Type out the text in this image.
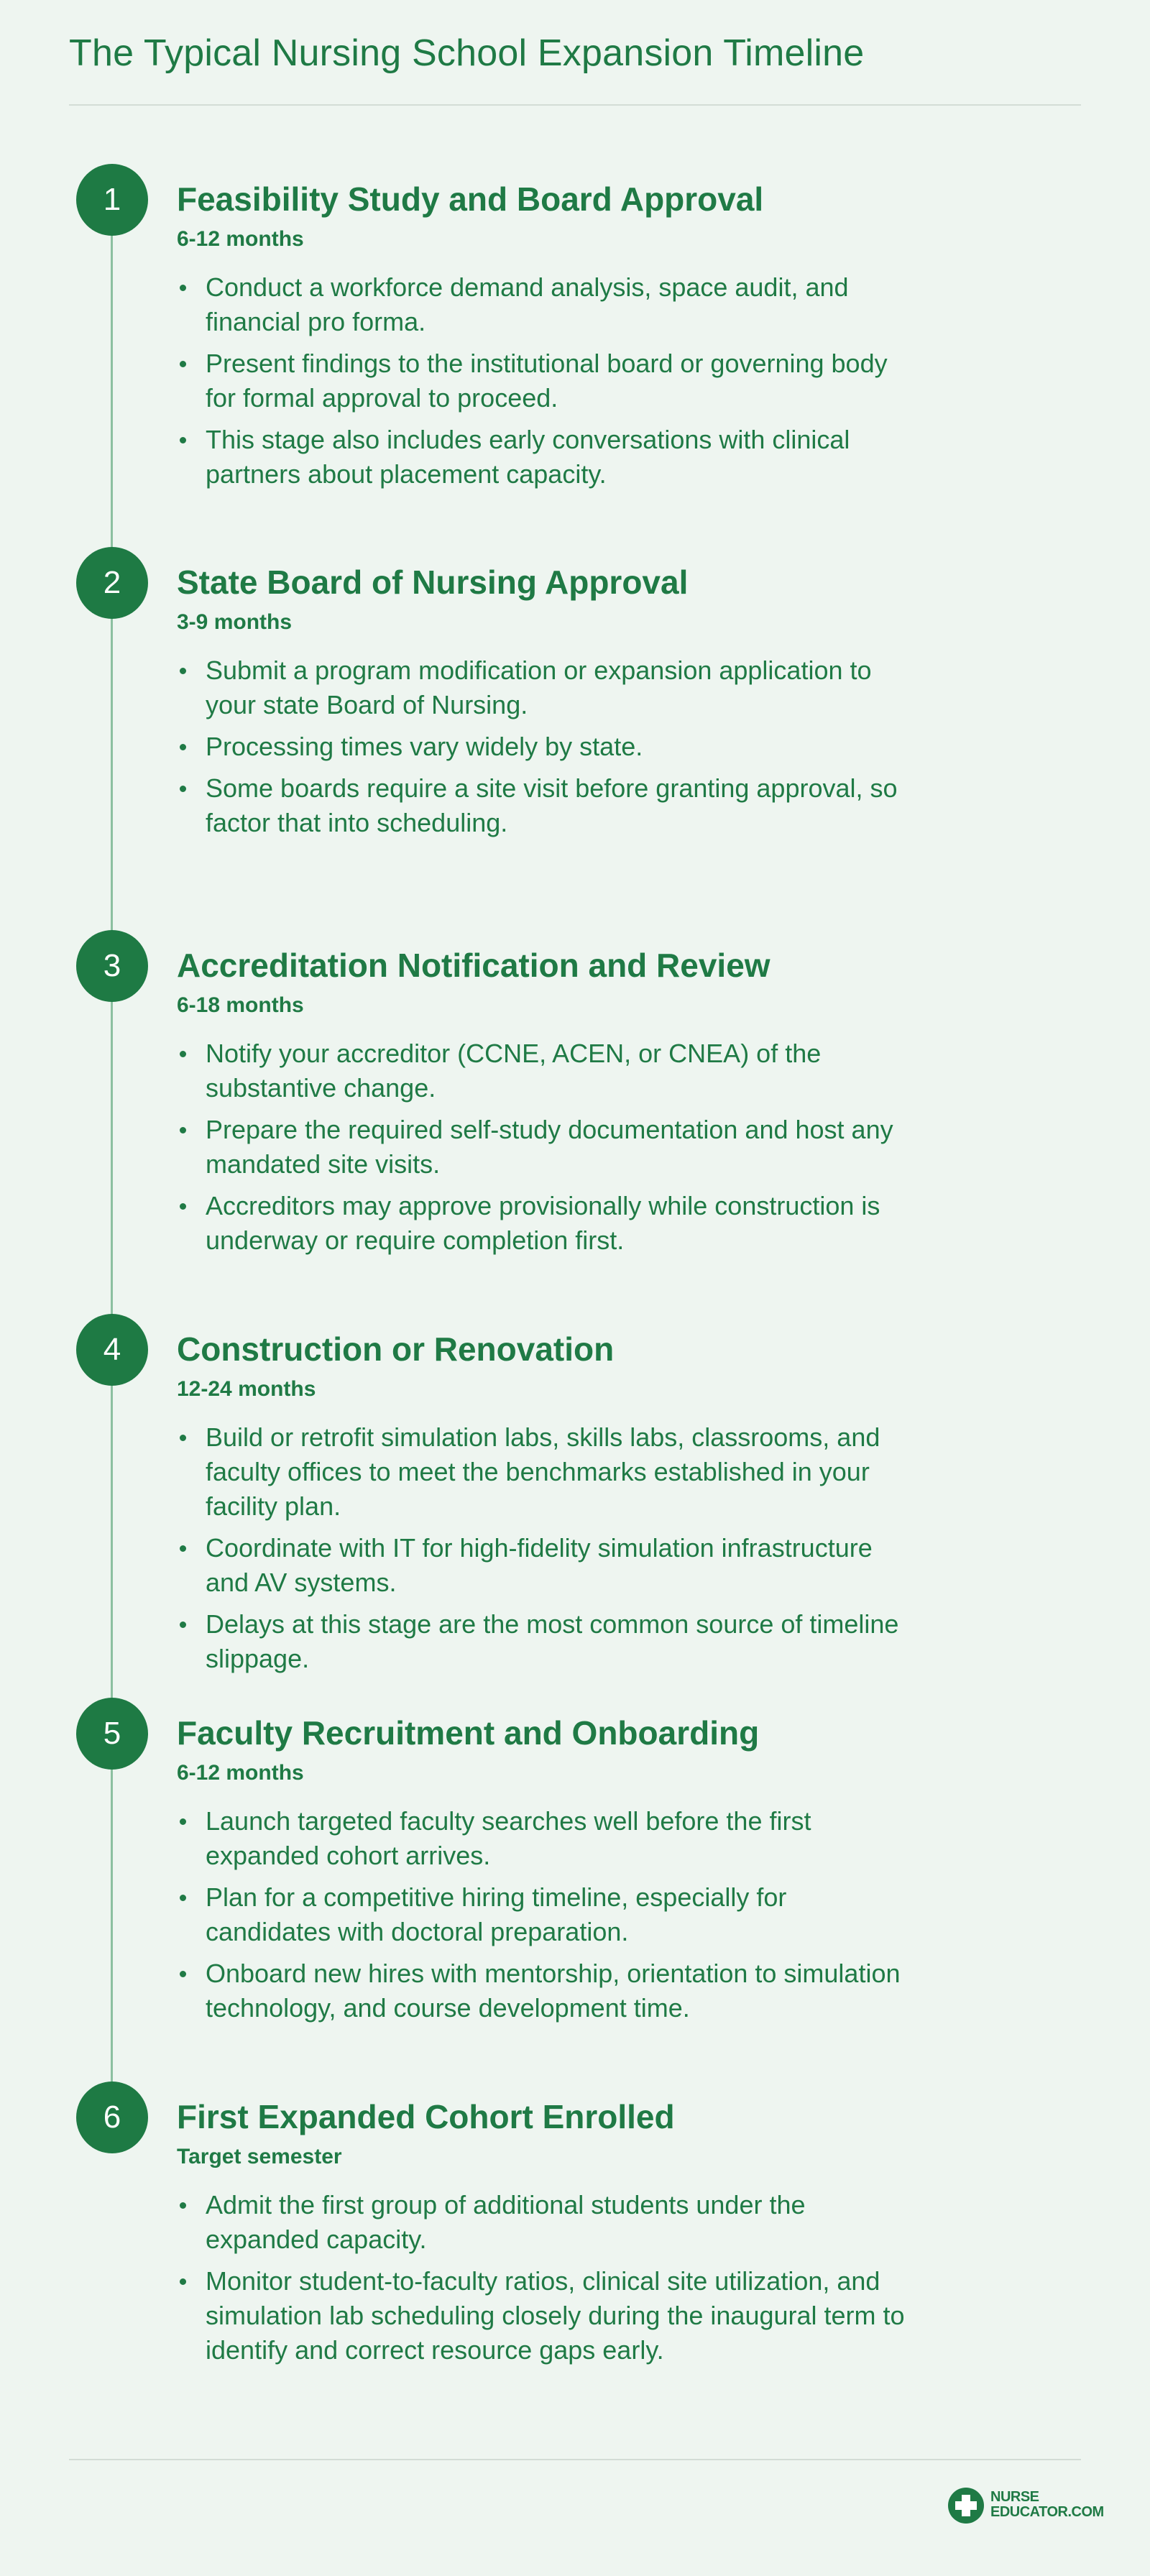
The Typical Nursing School Expansion Timeline
1	Feasibility Study and Board Approval
6-12 months
Conduct a workforce demand analysis, space audit, and financial pro forma.
Present findings to the institutional board or governing body for formal approval to proceed.
This stage also includes early conversations with clinical partners about placement capacity.
2	State Board of Nursing Approval
3-9 months
Submit a program modification or expansion application to your state Board of Nursing.
Processing times vary widely by state.
Some boards require a site visit before granting approval, so factor that into scheduling.
3	Accreditation Notification and Review
6-18 months
Notify your accreditor (CCNE, ACEN, or CNEA) of the substantive change.
Prepare the required self-study documentation and host any mandated site visits.
Accreditors may approve provisionally while construction is underway or require completion first.
4	Construction or Renovation
12-24 months
Build or retrofit simulation labs, skills labs, classrooms, and faculty offices to meet the benchmarks established in your facility plan.
Coordinate with IT for high-fidelity simulation infrastructure and AV systems.
Delays at this stage are the most common source of timeline slippage.
5	Faculty Recruitment and Onboarding
6-12 months
Launch targeted faculty searches well before the first expanded cohort arrives.
Plan for a competitive hiring timeline, especially for candidates with doctoral preparation.
Onboard new hires with mentorship, orientation to simulation technology, and course development time.
6	First Expanded Cohort Enrolled
Target semester
Admit the first group of additional students under the expanded capacity.
Monitor student-to-faculty ratios, clinical site utilization, and simulation lab scheduling closely during the inaugural term to identify and correct resource gaps early.
NURSE
EDUCATOR.COM
